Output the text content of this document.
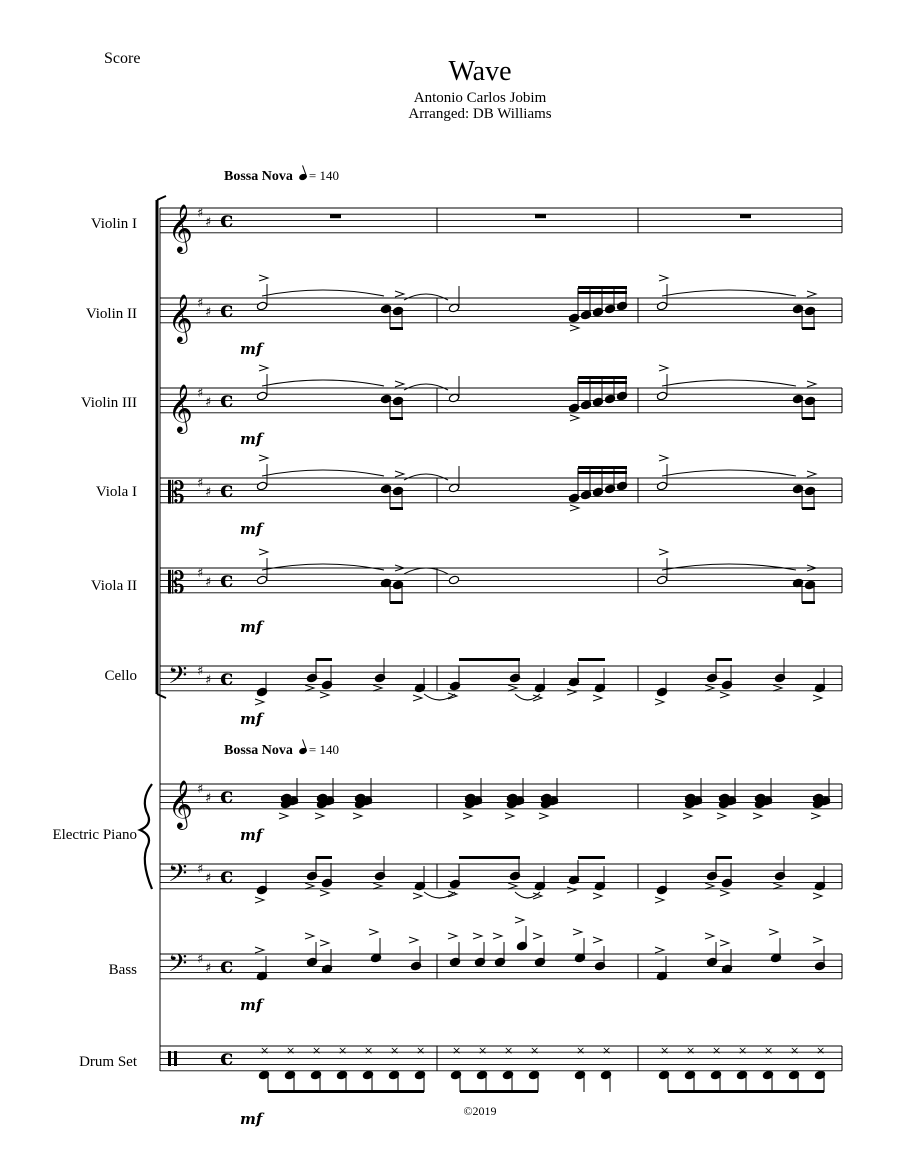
Score	Wave
Antonio Carlos Jobim
Arranged: DB Williams
Bossa Nova = 140
Bossa Nova = 140
Violin I
Violin II
Violin III
Viola I
Viola II
Cello
Electric Piano
Bass
Drum Set
©2019
𝄞 ♯
♯ c
𝄞 ♯
♯ c
𝄞 ♯
♯ c
𝄡 ♯
♯ c
𝄡 ♯
♯ c
𝄢 ♯
♯ c
𝄞 ♯
♯ c
𝄢 ♯
♯ c
𝄢 ♯
♯ c
c × × × × × × × × × × ×	× ×	× × × × × × ×
mf
mf
mf
mf
mf
mf
mf
mf
